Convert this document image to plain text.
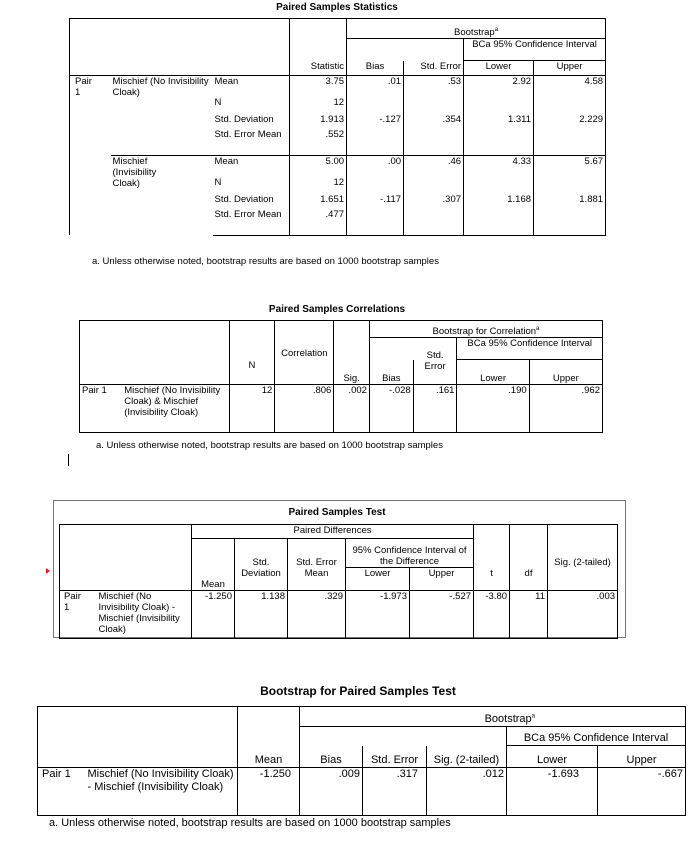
Paired Samples Statistics
				Bootstrap$^a$
						BCa 95% Confidence Interval	

			Statistic	Bias	Std. Error	Lower	Upper
Pair
1	Mischief (No Invisibility Cloak)	Mean	3.75	.01	.53	2.92	4.58
		N	12				
		Std. Deviation	1.913	-.127	.354	1.311	2.229
		Std. Error Mean	.552				
	Mischief (Invisibility Cloak)	Mean	5.00	.00	.46	4.33	5.67
		N	12				
		Std. Deviation	1.651	-.117	.307	1.168	1.881
		Std. Error Mean	.477				
a. Unless otherwise noted, bootstrap results are based on 1000 bootstrap samples
Paired Samples Correlations
					Bootstrap for Correlation$^a$
							BCa 95% Confidence Interval	

		N	Correlation	Sig.	Bias	Std. Error	Lower	Upper
Pair 1	Mischief (No Invisibility Cloak) & Mischief (Invisibility Cloak)	12	.806	.002	-.028	.161	.190	.962
a. Unless otherwise noted, bootstrap results are based on 1000 bootstrap samples
Paired Samples Test
		Paired Differences							
					95% Confidence Interval of the Difference				
		Mean	Std. Deviation	Std. Error Mean	Lower	Upper	t	df	Sig. (2-tailed)
Pair
1	Mischief (No Invisibility Cloak) - Mischief (Invisibility Cloak)	-1.250	1.138	.329	-1.973	-.527	-3.80	11	.003
Bootstrap for Paired Samples Test
			Bootstrap$^a$
						BCa 95% Confidence Interval	

		Mean	Bias	Std. Error	Sig. (2-tailed)	Lower	Upper
Pair 1	Mischief (No Invisibility Cloak) - Mischief (Invisibility Cloak)	-1.250	.009	.317	.012	-1.693	-.667
a. Unless otherwise noted, bootstrap results are based on 1000 bootstrap samples
